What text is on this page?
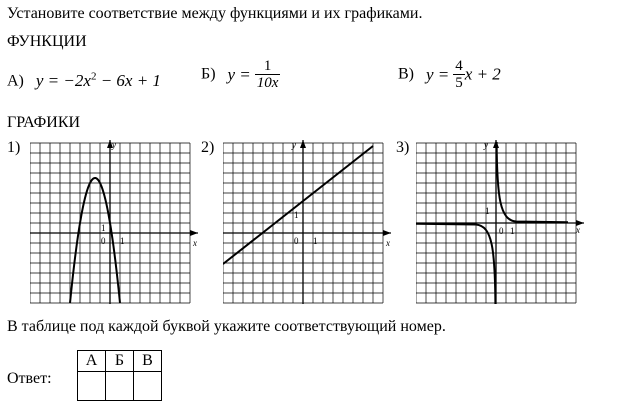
Установите соответствие между функциями и их графиками.
ФУНКЦИИ
А) $y = -2x^2 - 6x + 1$	Б) $y = \frac{1}{10x}$	В) $y = \frac{4}{5}$ x + 2
ГРАФИКИ
1)	2)	3)
y
x
1
0 1
y
x
1
0 1
y
x
1
0 1
В таблице под каждой буквой укажите соответствующий номер.
Ответ:
А	Б	В
